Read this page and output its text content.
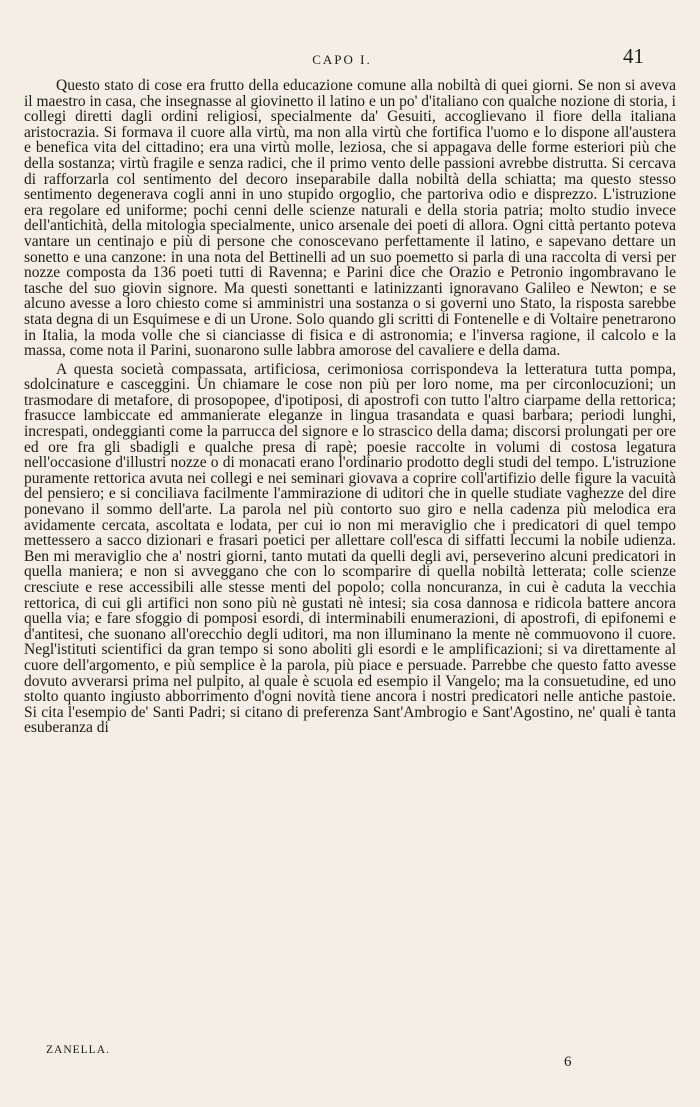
CAPO I.	41

Questo stato di cose era frutto della educazione comune alla nobiltà di quei giorni. Se non si aveva il maestro in casa, che insegnasse al giovinetto il latino e un po' d'italiano con qualche nozione di storia, i collegi diretti dagli ordini religiosi, specialmente da' Gesuiti, accoglievano il fiore della italiana aristocrazia. Si formava il cuore alla virtù, ma non alla virtù che fortifica l'uomo e lo dispone all'austera e benefica vita del cittadino; era una virtù molle, leziosa, che si appagava delle forme esteriori più che della sostanza; virtù fragile e senza radici, che il primo vento delle passioni avrebbe distrutta. Si cercava di rafforzarla col sentimento del decoro inseparabile dalla nobiltà della schiatta; ma questo stesso sentimento degenerava cogli anni in uno stupido orgoglio, che partoriva odio e disprezzo. L'istruzione era regolare ed uniforme; pochi cenni delle scienze naturali e della storia patria; molto studio invece dell'antichità, della mitologia specialmente, unico arsenale dei poeti di allora. Ogni città pertanto poteva vantare un centinajo e più di persone che conoscevano perfettamente il latino, e sapevano dettare un sonetto e una canzone: in una nota del Bettinelli ad un suo poemetto si parla di una raccolta di versi per nozze composta da 136 poeti tutti di Ravenna; e Parini dice che Orazio e Petronio ingombravano le tasche del suo giovin signore. Ma questi sonettanti e latinizzanti ignoravano Galileo e Newton; e se alcuno avesse a loro chiesto come si amministri una sostanza o si governi uno Stato, la risposta sarebbe stata degna di un Esquimese e di un Urone. Solo quando gli scritti di Fontenelle e di Voltaire penetrarono in Italia, la moda volle che si cianciasse di fisica e di astronomia; e l'inversa ragione, il calcolo e la massa, come nota il Parini, suonarono sulle labbra amorose del cavaliere e della dama.

A questa società compassata, artificiosa, cerimoniosa corrispondeva la letteratura tutta pompa, sdolcinature e casceggini. Un chiamare le cose non più per loro nome, ma per circonlocuzioni; un trasmodare di metafore, di prosopopee, d'ipotiposi, di apostrofi con tutto l'altro ciarpame della rettorica; frasucce lambiccate ed ammanierate eleganze in lingua trasandata e quasi barbara; periodi lunghi, increspati, ondeggianti come la parrucca del signore e lo strascico della dama; discorsi prolungati per ore ed ore fra gli sbadigli e qualche presa di rapè; poesie raccolte in volumi di costosa legatura nell'occasione d'illustri nozze o di monacati erano l'ordinario prodotto degli studi del tempo. L'istruzione puramente rettorica avuta nei collegi e nei seminari giovava a coprire coll'artifizio delle figure la vacuità del pensiero; e si conciliava facilmente l'ammirazione di uditori che in quelle studiate vaghezze del dire ponevano il sommo dell'arte. La parola nel più contorto suo giro e nella cadenza più melodica era avidamente cercata, ascoltata e lodata, per cui io non mi meraviglio che i predicatori di quel tempo mettessero a sacco dizionari e frasari poetici per allettare coll'esca di siffatti leccumi la nobile udienza. Ben mi meraviglio che a' nostri giorni, tanto mutati da quelli degli avi, perseverino alcuni predicatori in quella maniera; e non si avveggano che con lo scomparire di quella nobiltà letterata; colle scienze cresciute e rese accessibili alle stesse menti del popolo; colla noncuranza, in cui è caduta la vecchia rettorica, di cui gli artifici non sono più nè gustati nè intesi; sia cosa dannosa e ridicola battere ancora quella via; e fare sfoggio di pomposi esordi, di interminabili enumerazioni, di apostrofi, di epifonemi e d'antitesi, che suonano all'orecchio degli uditori, ma non illuminano la mente nè commuovono il cuore. Negl'istituti scientifici da gran tempo si sono aboliti gli esordi e le amplificazioni; si va direttamente al cuore dell'argomento, e più semplice è la parola, più piace e persuade. Parrebbe che questo fatto avesse dovuto avverarsi prima nel pulpito, al quale è scuola ed esempio il Vangelo; ma la consuetudine, ed uno stolto quanto ingiusto abborrimento d'ogni novità tiene ancora i nostri predicatori nelle antiche pastoie. Si cita l'esempio de' Santi Padri; si citano di preferenza Sant'Ambrogio e Sant'Agostino, ne' quali è tanta esuberanza di

ZANELLA.
6
